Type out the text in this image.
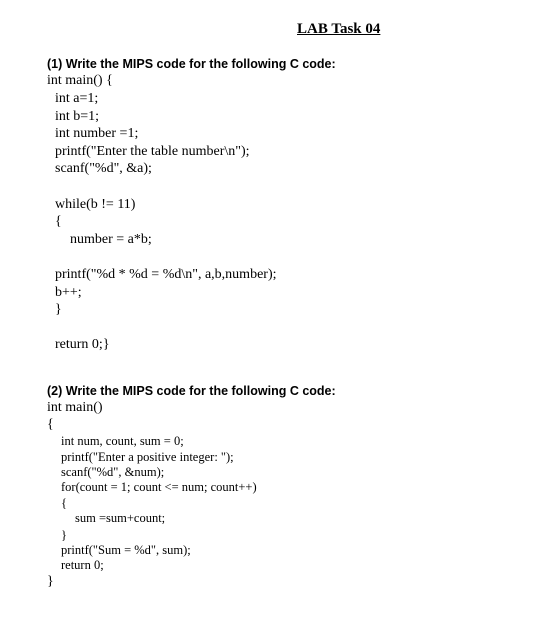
LAB Task 04
(1) Write the MIPS code for the following C code:
int main() {
int a=1;
int b=1;
int number =1;
printf("Enter the table number\n");
scanf("%d", &a);
while(b != 11)
{
number = a*b;
printf("%d * %d = %d\n", a,b,number);
b++;
}
return 0;}
(2) Write the MIPS code for the following C code:
int main()
{
int num, count, sum = 0;
printf("Enter a positive integer: ");
scanf("%d", &num);
for(count = 1; count <= num; count++)
{
sum =sum+count;
}
printf("Sum = %d", sum);
return 0;
}
